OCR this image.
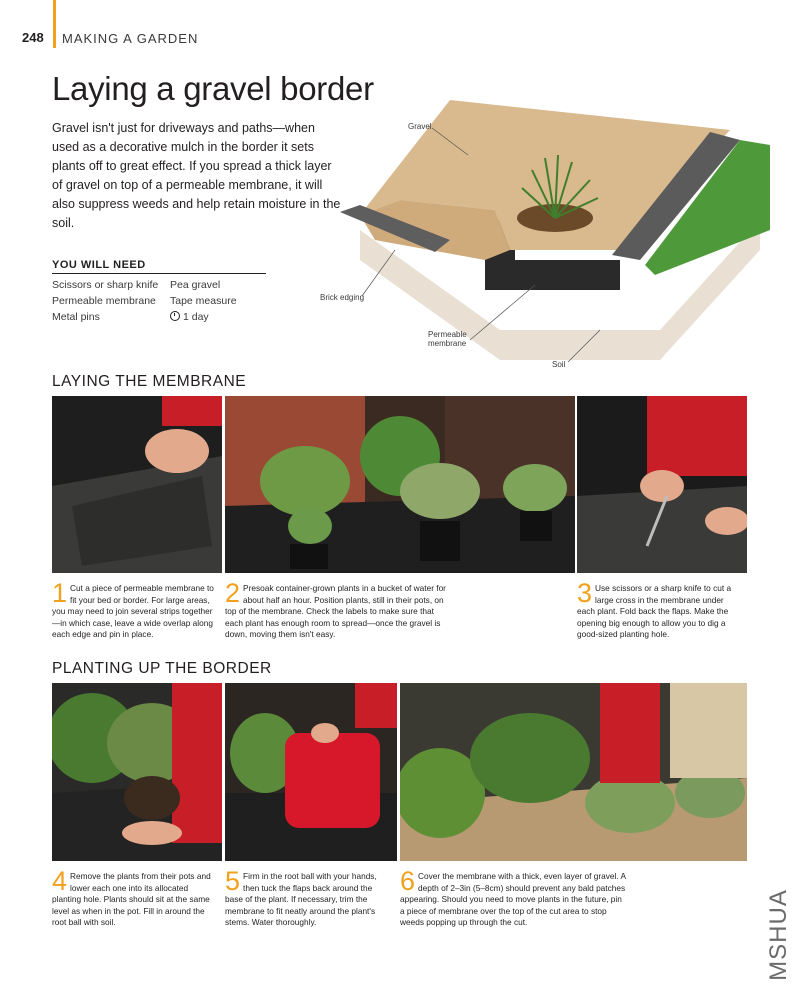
248 MAKING A GARDEN
Laying a gravel border

Gravel isn't just for driveways and paths—when used as a decorative mulch in the border it sets plants off to great effect. If you spread a thick layer of gravel on top of a permeable membrane, it will also suppress weeds and help retain moisture in the soil.

YOU WILL NEED
Scissors or sharp knife
Permeable membrane
Metal pins
Pea gravel
Tape measure
1 day
Gravel
Brick edging
Permeable
membrane
Soil
LAYING THE MEMBRANE
1 Cut a piece of permeable membrane to fit your bed or border. For large areas, you may need to join several strips together—in which case, leave a wide overlap along each edge and pin in place.
2 Presoak container-grown plants in a bucket of water for about half an hour. Position plants, still in their pots, on top of the membrane. Check the labels to make sure that each plant has enough room to spread—once the gravel is down, moving them isn't easy.
3 Use scissors or a sharp knife to cut a large cross in the membrane under each plant. Fold back the flaps. Make the opening big enough to allow you to dig a good-sized planting hole.
PLANTING UP THE BORDER
4 Remove the plants from their pots and lower each one into its allocated planting hole. Plants should sit at the same level as when in the pot. Fill in around the root ball with soil.
5 Firm in the root ball with your hands, then tuck the flaps back around the base of the plant. If necessary, trim the membrane to fit neatly around the plant's stems. Water thoroughly.
6 Cover the membrane with a thick, even layer of gravel. A depth of 2–3in (5–8cm) should prevent any bald patches appearing. Should you need to move plants in the future, pin a piece of membrane over the top of the cut area to stop weeds popping up through the cut.	MSHUA
